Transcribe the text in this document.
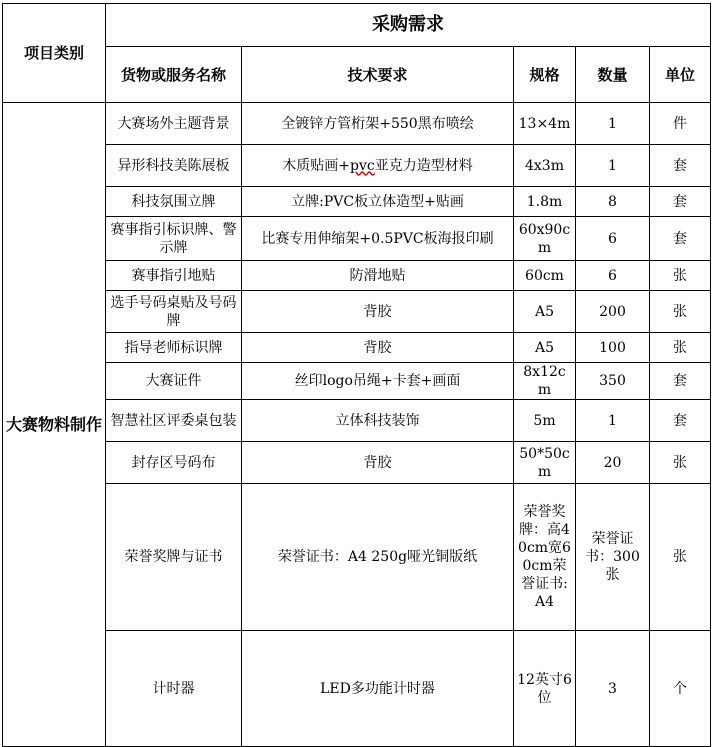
项目类别	采购需求				
	货物或服务名称	技术要求	规格	数量	单位
大赛物料制作	大赛场外主题背景	全镀锌方管桁架+550黑布喷绘	13×4m	1	件
	异形科技美陈展板	木质贴画+pvc亚克力造型材料	4x3m	1	套
	科技氛围立牌	立牌:PVC板立体造型+贴画	1.8m	8	套
	赛事指引标识牌、警示牌	比赛专用伸缩架+0.5PVC板海报印刷	60x90cm	6	套
	赛事指引地贴	防滑地贴	60cm	6	张
	选手号码桌贴及号码牌	背胶	A5	200	张
	指导老师标识牌	背胶	A5	100	张
	大赛证件	丝印logo吊绳+卡套+画面	8x12cm	350	套
	智慧社区评委桌包装	立体科技装饰	5m	1	套
	封存区号码布	背胶	50*50cm	20	张
	荣誉奖牌与证书	荣誉证书：A4 250g哑光铜版纸	荣誉奖牌：高40cm宽60cm荣誉证书:A4	荣誉证书：300张	张
	计时器	LED多功能计时器	12英寸6位	3	个
